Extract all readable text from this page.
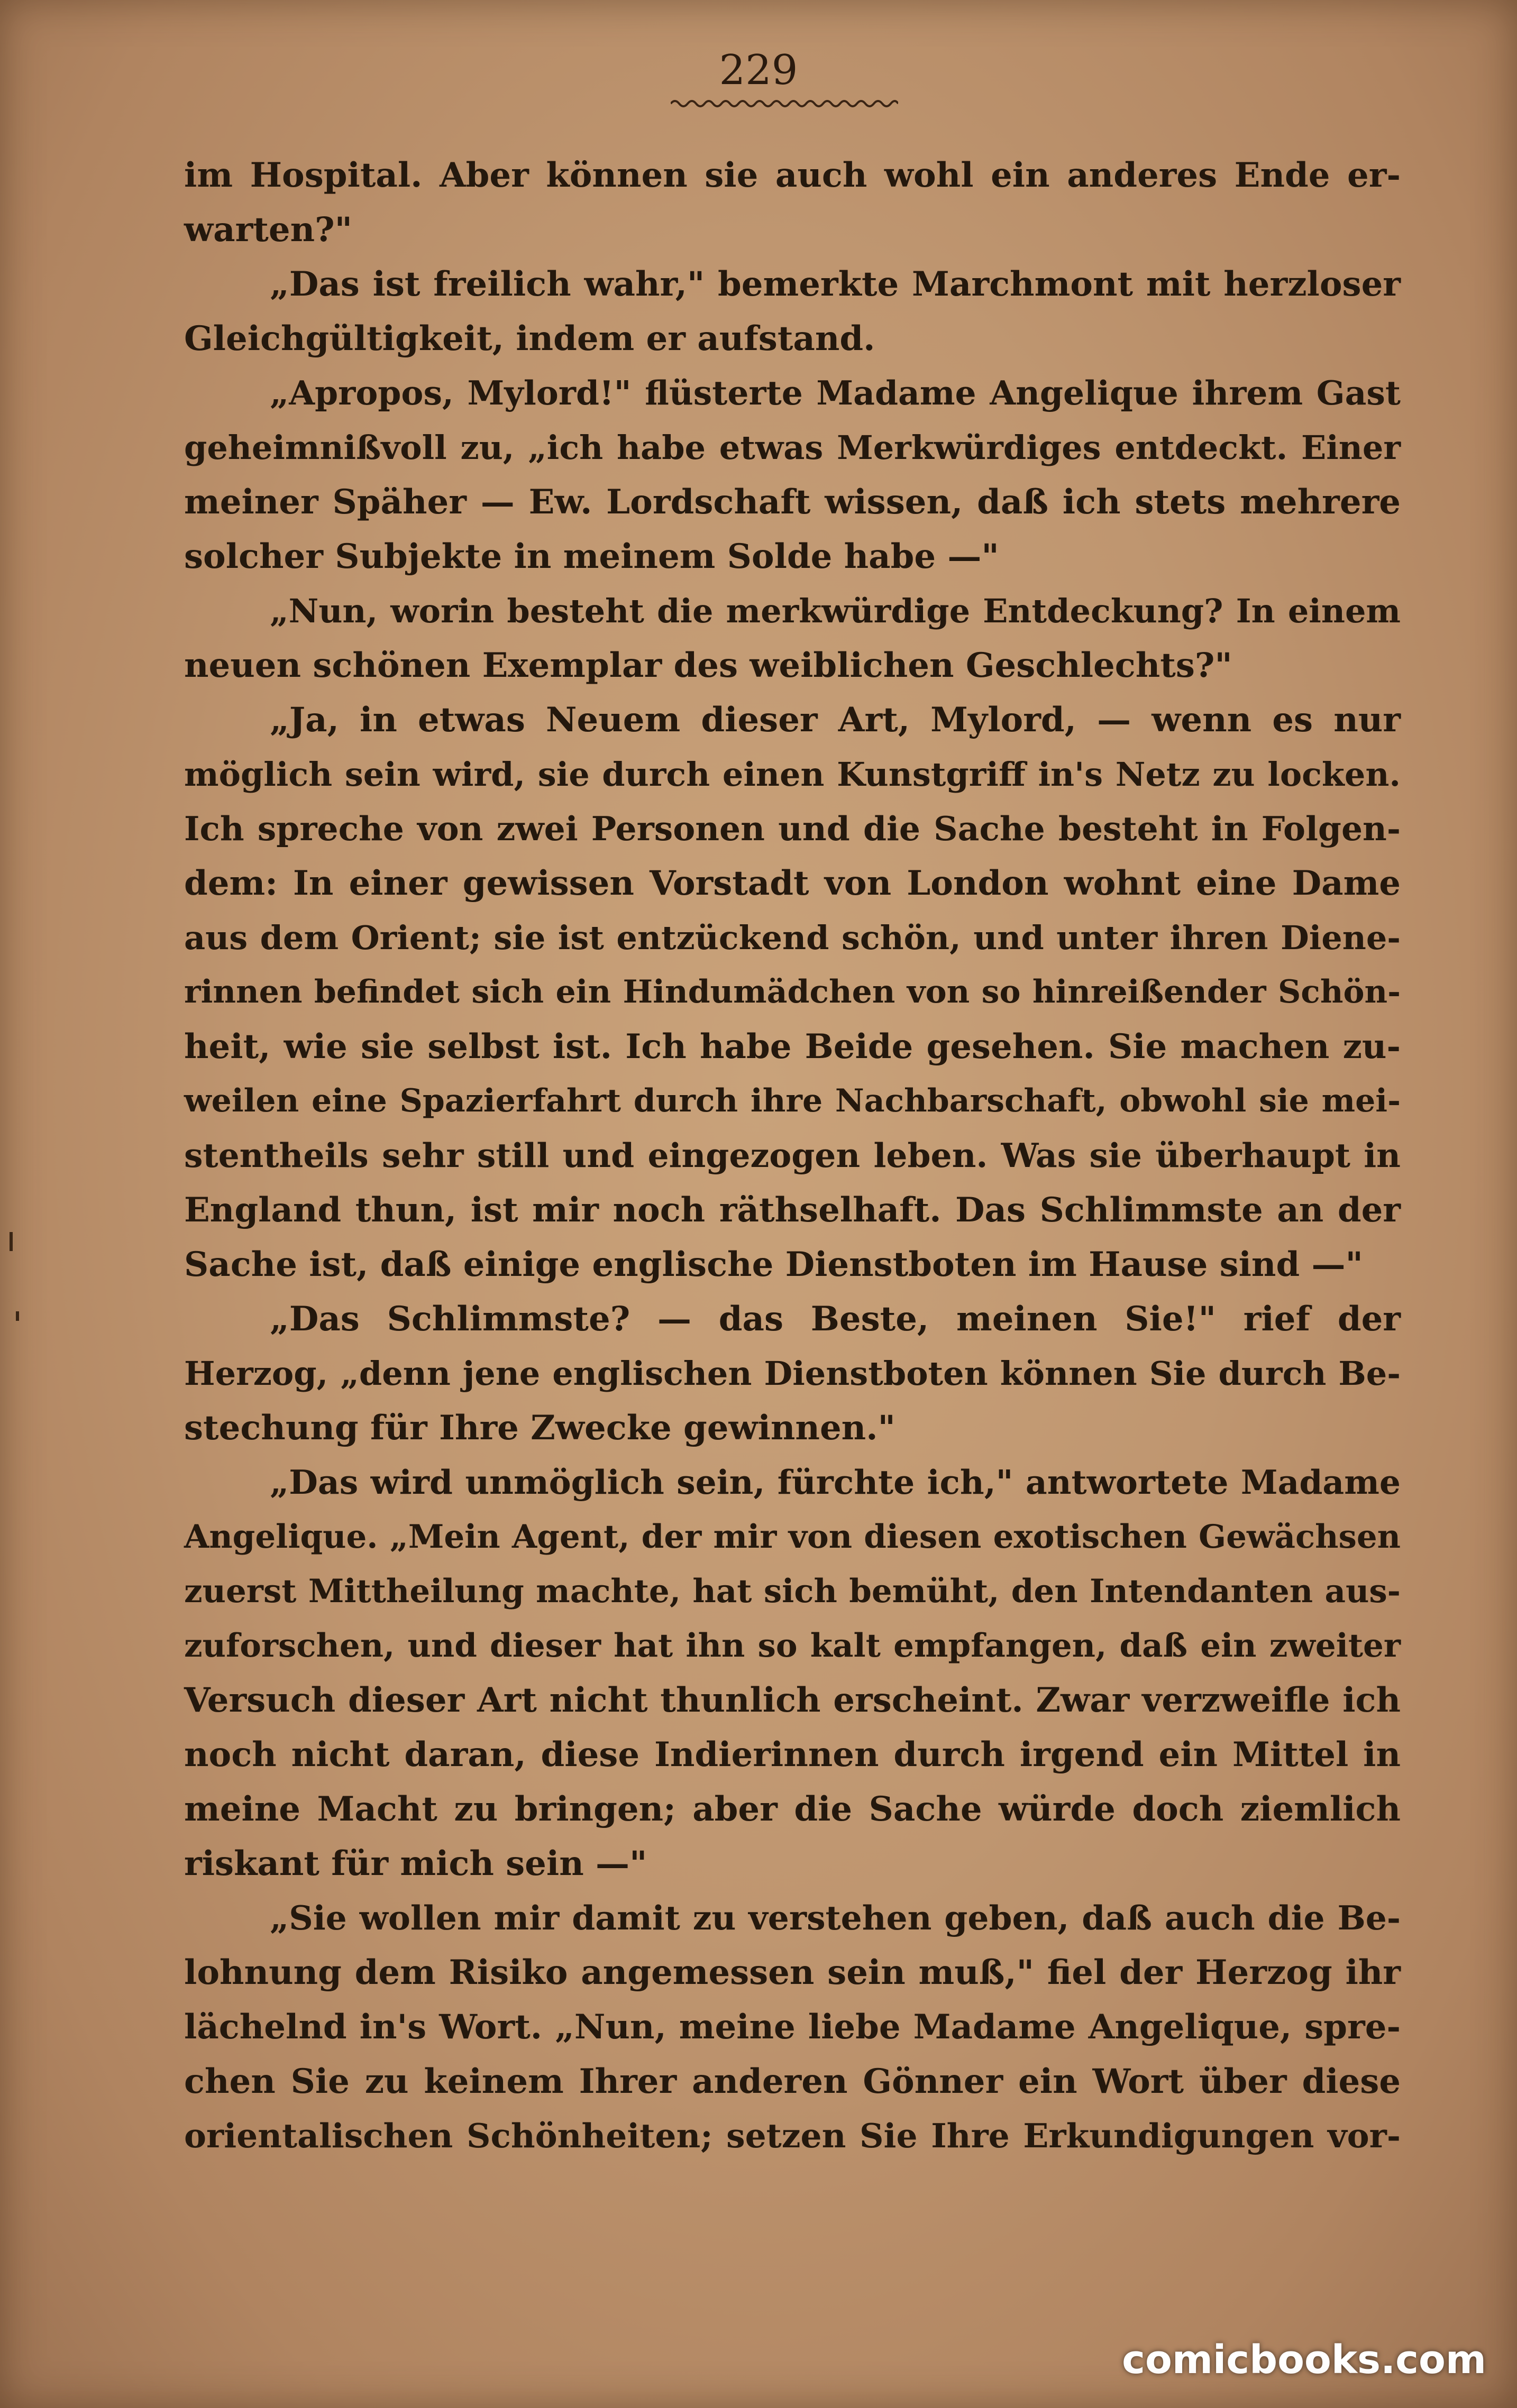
229
im Hospital. Aber können sie auch wohl ein anderes Ende er-
warten?"
„Das ist freilich wahr," bemerkte Marchmont mit herzloser
Gleichgültigkeit, indem er aufstand.
„Apropos, Mylord!" flüsterte Madame Angelique ihrem Gast
geheimnißvoll zu, „ich habe etwas Merkwürdiges entdeckt. Einer
meiner Späher — Ew. Lordschaft wissen, daß ich stets mehrere
solcher Subjekte in meinem Solde habe —"
„Nun, worin besteht die merkwürdige Entdeckung? In einem
neuen schönen Exemplar des weiblichen Geschlechts?"
„Ja, in etwas Neuem dieser Art, Mylord, — wenn es nur
möglich sein wird, sie durch einen Kunstgriff in's Netz zu locken.
Ich spreche von zwei Personen und die Sache besteht in Folgen-
dem: In einer gewissen Vorstadt von London wohnt eine Dame
aus dem Orient; sie ist entzückend schön, und unter ihren Diene-
rinnen befindet sich ein Hindumädchen von so hinreißender Schön-
heit, wie sie selbst ist. Ich habe Beide gesehen. Sie machen zu-
weilen eine Spazierfahrt durch ihre Nachbarschaft, obwohl sie mei-
stentheils sehr still und eingezogen leben. Was sie überhaupt in
England thun, ist mir noch räthselhaft. Das Schlimmste an der
Sache ist, daß einige englische Dienstboten im Hause sind —"
„Das Schlimmste? — das Beste, meinen Sie!" rief der
Herzog, „denn jene englischen Dienstboten können Sie durch Be-
stechung für Ihre Zwecke gewinnen."
„Das wird unmöglich sein, fürchte ich," antwortete Madame
Angelique. „Mein Agent, der mir von diesen exotischen Gewächsen
zuerst Mittheilung machte, hat sich bemüht, den Intendanten aus-
zuforschen, und dieser hat ihn so kalt empfangen, daß ein zweiter
Versuch dieser Art nicht thunlich erscheint. Zwar verzweifle ich
noch nicht daran, diese Indierinnen durch irgend ein Mittel in
meine Macht zu bringen; aber die Sache würde doch ziemlich
riskant für mich sein —"
„Sie wollen mir damit zu verstehen geben, daß auch die Be-
lohnung dem Risiko angemessen sein muß," fiel der Herzog ihr
lächelnd in's Wort. „Nun, meine liebe Madame Angelique, spre-
chen Sie zu keinem Ihrer anderen Gönner ein Wort über diese
orientalischen Schönheiten; setzen Sie Ihre Erkundigungen vor-
comicbooks.com
